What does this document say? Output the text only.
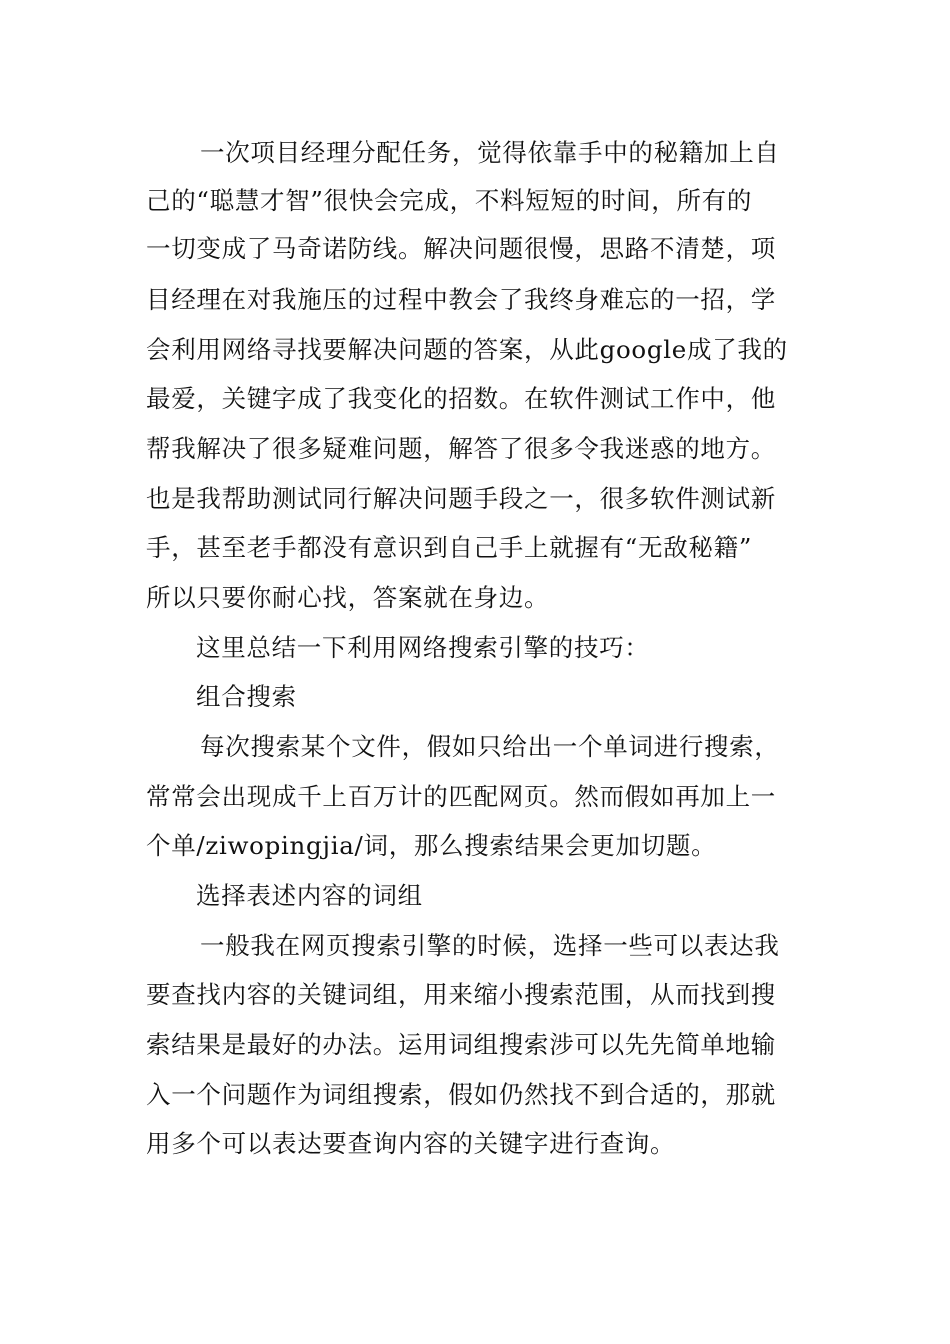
一次项目经理分配任务，觉得依靠手中的秘籍加上自
己的“聪慧才智”很快会完成，不料短短的时间，所有的
一切变成了马奇诺防线。解决问题很慢，思路不清楚，项
目经理在对我施压的过程中教会了我终身难忘的一招，学
会利用网络寻找要解决问题的答案，从此google成了我的
最爱，关键字成了我变化的招数。在软件测试工作中，他
帮我解决了很多疑难问题，解答了很多令我迷惑的地方。
也是我帮助测试同行解决问题手段之一，很多软件测试新
手，甚至老手都没有意识到自己手上就握有“无敌秘籍”
所以只要你耐心找，答案就在身边。
这里总结一下利用网络搜索引擎的技巧：
组合搜索
每次搜索某个文件，假如只给出一个单词进行搜索，
常常会出现成千上百万计的匹配网页。然而假如再加上一
个单/ziwopingjia/词，那么搜索结果会更加切题。
选择表述内容的词组
一般我在网页搜索引擎的时候，选择一些可以表达我
要查找内容的关键词组，用来缩小搜索范围，从而找到搜
索结果是最好的办法。运用词组搜索涉可以先先简单地输
入一个问题作为词组搜索，假如仍然找不到合适的，那就
用多个可以表达要查询内容的关键字进行查询。
